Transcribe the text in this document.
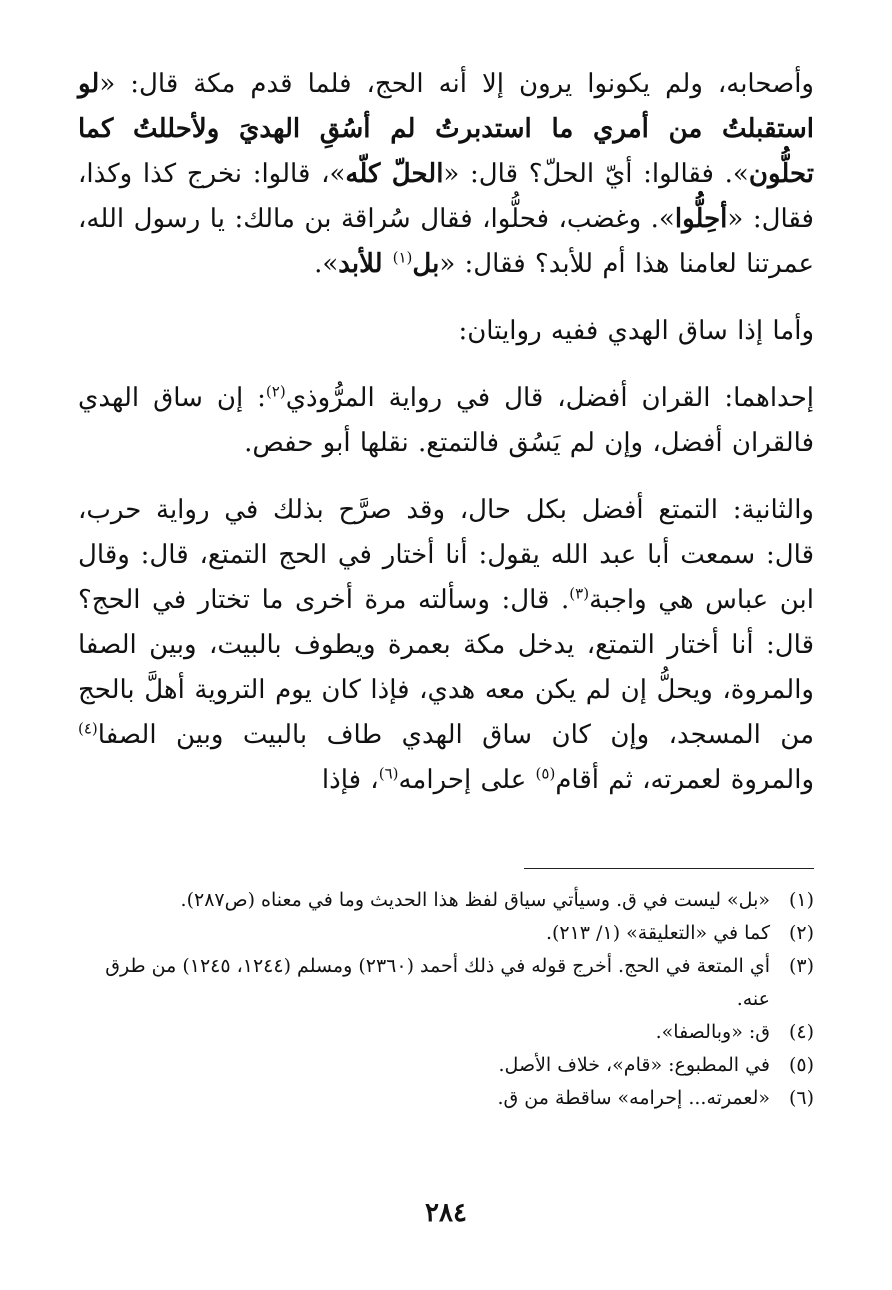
وأصحابه، ولم يكونوا يرون إلا أنه الحج، فلما قدم مكة قال: «لو استقبلتُ من أمري ما استدبرتُ لم أسُقِ الهديَ ولأحللتُ كما تحلُّون». فقالوا: أيّ الحلّ؟ قال: «الحلّ كلّه»، قالوا: نخرج كذا وكذا، فقال: «أحِلُّوا». وغضب، فحلُّوا، فقال سُراقة بن مالك: يا رسول الله، عمرتنا لعامنا هذا أم للأبد؟ فقال: «بل$^{(١)}$ للأبد».

وأما إذا ساق الهدي ففيه روايتان:

إحداهما: القران أفضل، قال في رواية المرُّوذي$^{(٢)}$: إن ساق الهدي فالقران أفضل، وإن لم يَسُق فالتمتع. نقلها أبو حفص.

والثانية: التمتع أفضل بكل حال، وقد صرَّح بذلك في رواية حرب، قال: سمعت أبا عبد الله يقول: أنا أختار في الحج التمتع، قال: وقال ابن عباس هي واجبة$^{(٣)}$. قال: وسألته مرة أخرى ما تختار في الحج؟ قال: أنا أختار التمتع، يدخل مكة بعمرة ويطوف بالبيت، وبين الصفا والمروة، ويحلُّ إن لم يكن معه هدي، فإذا كان يوم التروية أهلَّ بالحج من المسجد، وإن كان ساق الهدي طاف بالبيت وبين الصفا$^{(٤)}$ والمروة لعمرته، ثم أقام$^{(٥)}$ على إحرامه$^{(٦)}$، فإذا

(١)
«بل» ليست في ق. وسيأتي سياق لفظ هذا الحديث وما في معناه (ص٢٨٧).
(٢)
كما في «التعليقة» (١/ ٢١٣).
(٣)
أي المتعة في الحج. أخرج قوله في ذلك أحمد (٢٣٦٠) ومسلم (١٢٤٤، ١٢٤٥) من طرق عنه.
(٤)
ق: «وبالصفا».
(٥)
في المطبوع: «قام»، خلاف الأصل.
(٦)
«لعمرته... إحرامه» ساقطة من ق.
٢٨٤
